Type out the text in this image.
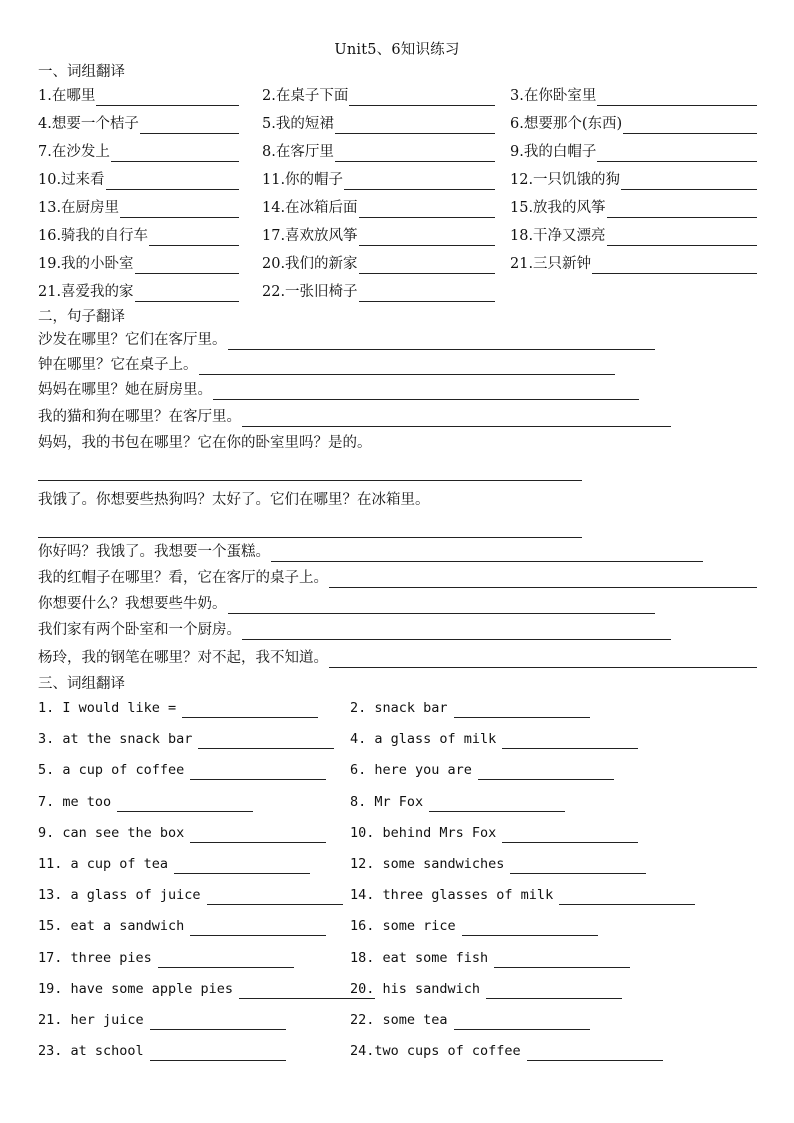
Unit5、6知识练习
一、词组翻译
1.在哪里	2.在桌子下面	3.在你卧室里
4.想要一个桔子	5.我的短裙	6.想要那个(东西)
7.在沙发上	8.在客厅里	9.我的白帽子
10.过来看	11.你的帽子	12.一只饥饿的狗
13.在厨房里	14.在冰箱后面	15.放我的风筝
16.骑我的自行车	17.喜欢放风筝	18.干净又漂亮
19.我的小卧室	20.我们的新家	21.三只新钟
21.喜爱我的家	22.一张旧椅子
二，句子翻译
沙发在哪里？它们在客厅里。
钟在哪里？它在桌子上。
妈妈在哪里？她在厨房里。
我的猫和狗在哪里？在客厅里。
妈妈，我的书包在哪里？它在你的卧室里吗？是的。
我饿了。你想要些热狗吗？太好了。它们在哪里？在冰箱里。
你好吗？我饿了。我想要一个蛋糕。
我的红帽子在哪里？看，它在客厅的桌子上。
你想要什么？我想要些牛奶。
我们家有两个卧室和一个厨房。
杨玲，我的钢笔在哪里？对不起，我不知道。
三、词组翻译
1. I would like =	2. snack bar
3. at the snack bar	4. a glass of milk
5. a cup of coffee	6. here you are
7. me too	8. Mr Fox
9. can see the box	10. behind Mrs Fox
11. a cup of tea	12. some sandwiches
13. a glass of juice	14. three glasses of milk
15. eat a sandwich	16. some rice
17. three pies	18. eat some fish
19. have some apple pies	20. his sandwich
21. her juice	22. some tea
23. at school	24.two cups of coffee
